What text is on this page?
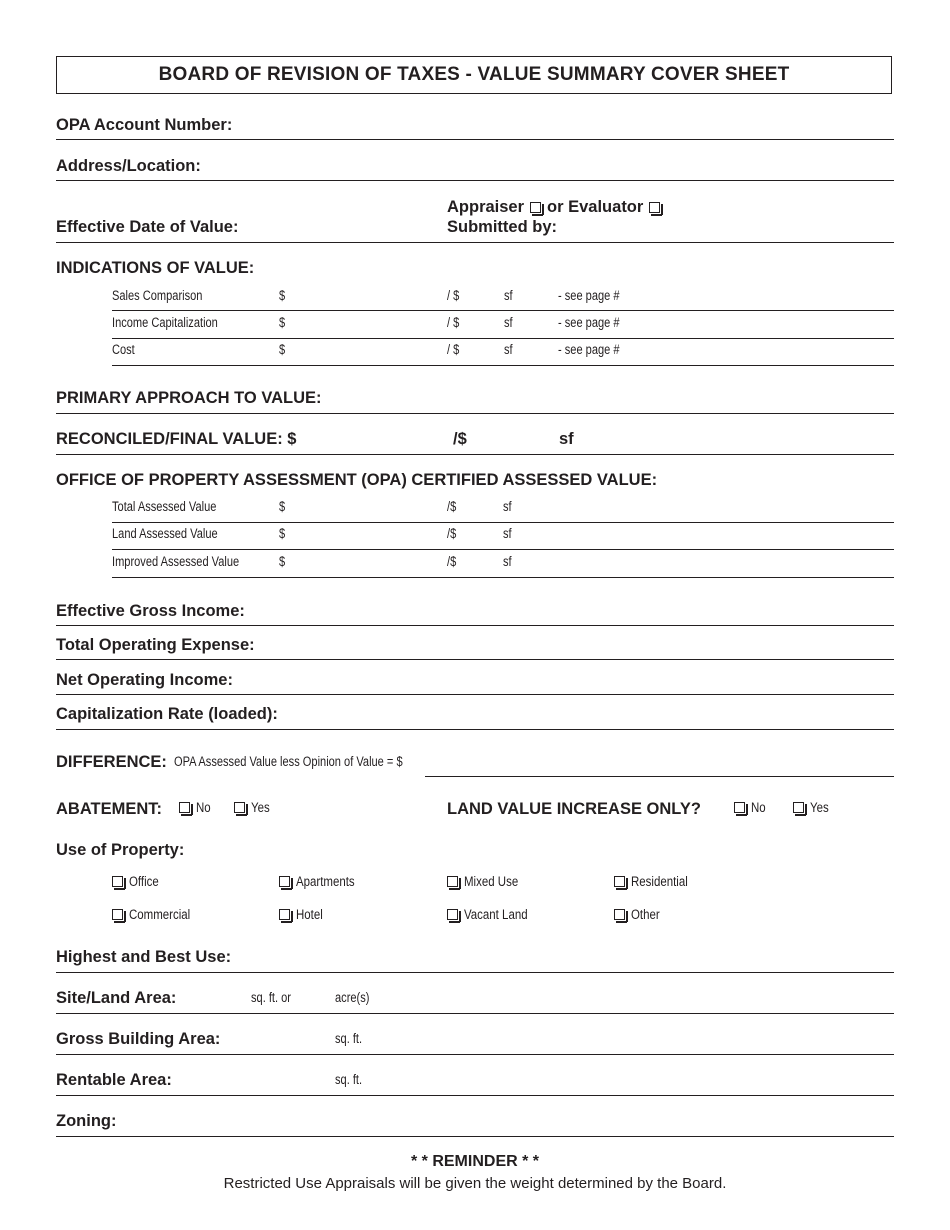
BOARD OF REVISION OF TAXES - VALUE SUMMARY COVER SHEET
OPA Account Number:
Address/Location:
Effective Date of Value:
Appraiser or Evaluator
Submitted by:
INDICATIONS OF VALUE:
Sales Comparison	$	/ $	sf	- see page #
Income Capitalization	$	/ $	sf	- see page #
Cost	$	/ $	sf	- see page #
PRIMARY APPROACH TO VALUE:
RECONCILED/FINAL VALUE: $	/$	sf
OFFICE OF PROPERTY ASSESSMENT (OPA) CERTIFIED ASSESSED VALUE:
Total Assessed Value	$	/$	sf
Land Assessed Value	$	/$	sf
Improved Assessed Value	$	/$	sf
Effective Gross Income:
Total Operating Expense:
Net Operating Income:
Capitalization Rate (loaded):
DIFFERENCE: OPA Assessed Value less Opinion of Value = $
ABATEMENT:	No	Yes	LAND VALUE INCREASE ONLY?	No	Yes
Use of Property:
Office	Apartments	Mixed Use	Residential
Commercial	Hotel	Vacant Land	Other
Highest and Best Use:
Site/Land Area:	sq. ft. or	acre(s)
Gross Building Area:	sq. ft.
Rentable Area:	sq. ft.
Zoning:
* * REMINDER * *
Restricted Use Appraisals will be given the weight determined by the Board.
